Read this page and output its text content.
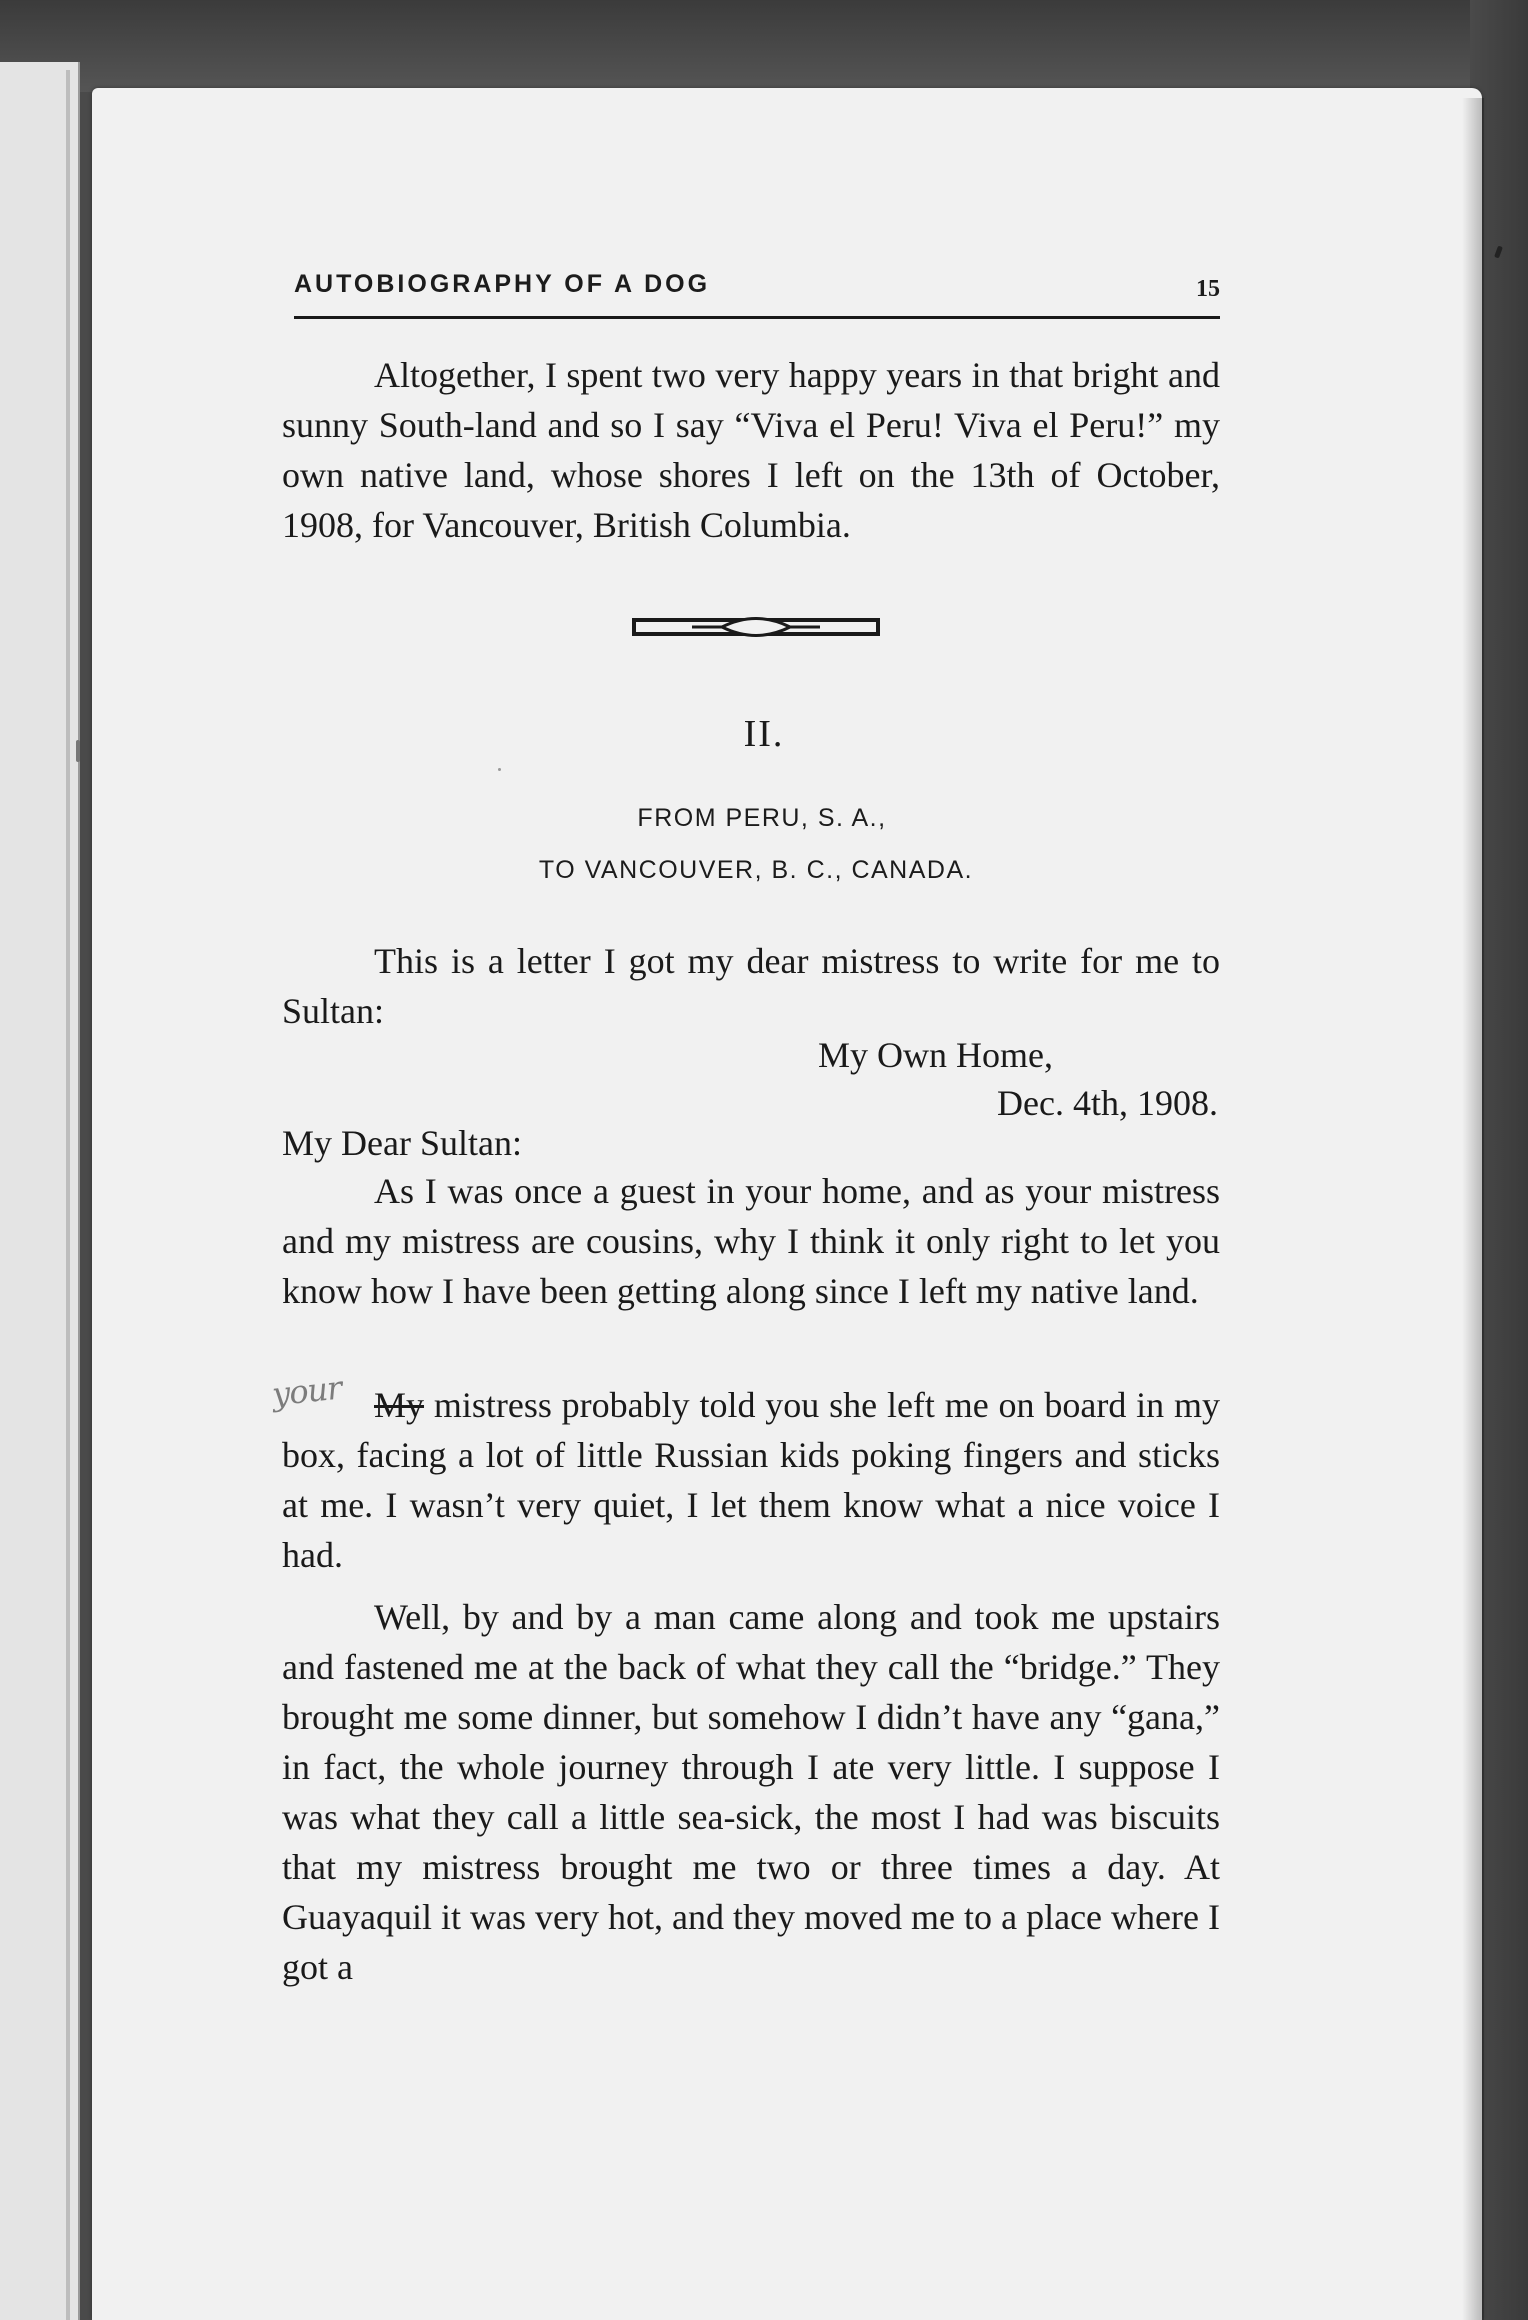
AUTOBIOGRAPHY OF A DOG	15

Altogether, I spent two very happy years in that bright and sunny South-land and so I say “Viva el Peru! Viva el Peru!” my own native land, whose shores I left on the 13th of October, 1908, for Vancouver, British Columbia.

II.
FROM PERU, S. A.,
TO VANCOUVER, B. C., CANADA.

This is a letter I got my dear mistress to write for me to Sultan:

My Own Home,
Dec. 4th, 1908.
My Dear Sultan:

As I was once a guest in your home, and as your mistress and my mistress are cousins, why I think it only right to let you know how I have been getting along since I left my native land.

your My mistress probably told you she left me on board in my box, facing a lot of little Russian kids poking fingers and sticks at me. I wasn’t very quiet, I let them know what a nice voice I had.

Well, by and by a man came along and took me upstairs and fastened me at the back of what they call the “bridge.” They brought me some dinner, but somehow I didn’t have any “gana,” in fact, the whole journey through I ate very little. I suppose I was what they call a little sea-sick, the most I had was biscuits that my mistress brought me two or three times a day. At Guayaquil it was very hot, and they moved me to a place where I got a
